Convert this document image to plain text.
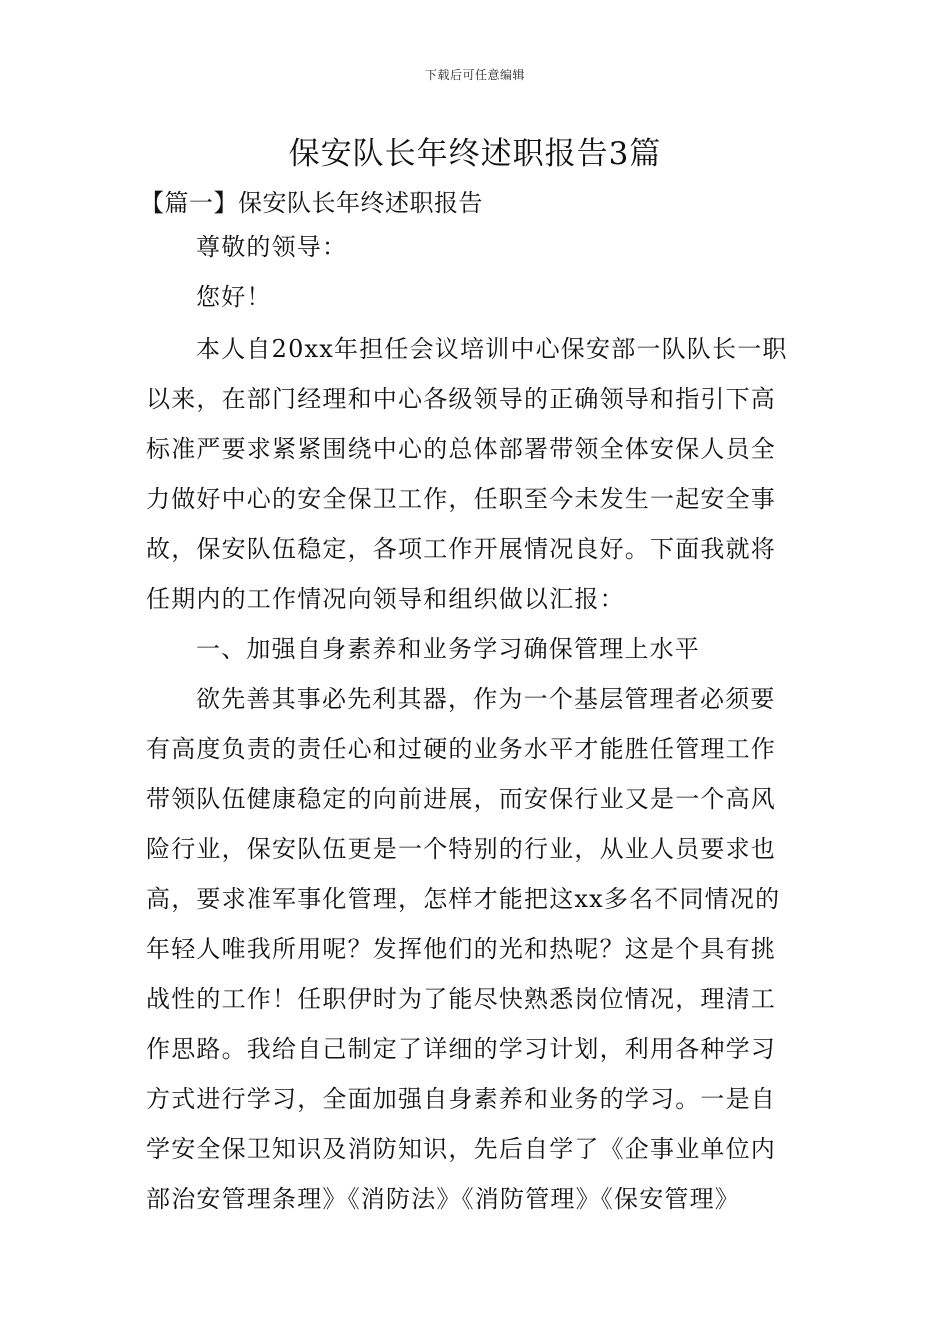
下载后可任意编辑
保安队长年终述职报告3篇
【篇一】保安队长年终述职报告

尊敬的领导：

您好！

本人自20xx年担任会议培训中心保安部一队队长一职
以来，在部门经理和中心各级领导的正确领导和指引下高
标准严要求紧紧围绕中心的总体部署带领全体安保人员全
力做好中心的安全保卫工作，任职至今未发生一起安全事
故，保安队伍稳定，各项工作开展情况良好。下面我就将
任期内的工作情况向领导和组织做以汇报：

一、加强自身素养和业务学习确保管理上水平

欲先善其事必先利其器，作为一个基层管理者必须要
有高度负责的责任心和过硬的业务水平才能胜任管理工作
带领队伍健康稳定的向前进展，而安保行业又是一个高风
险行业，保安队伍更是一个特别的行业，从业人员要求也
高，要求准军事化管理，怎样才能把这xx多名不同情况的
年轻人唯我所用呢？发挥他们的光和热呢？这是个具有挑
战性的工作！任职伊时为了能尽快熟悉岗位情况，理清工
作思路。我给自己制定了详细的学习计划，利用各种学习
方式进行学习，全面加强自身素养和业务的学习。一是自
学安全保卫知识及消防知识，先后自学了《企事业单位内
部治安管理条理》《消防法》《消防管理》《保安管理》
